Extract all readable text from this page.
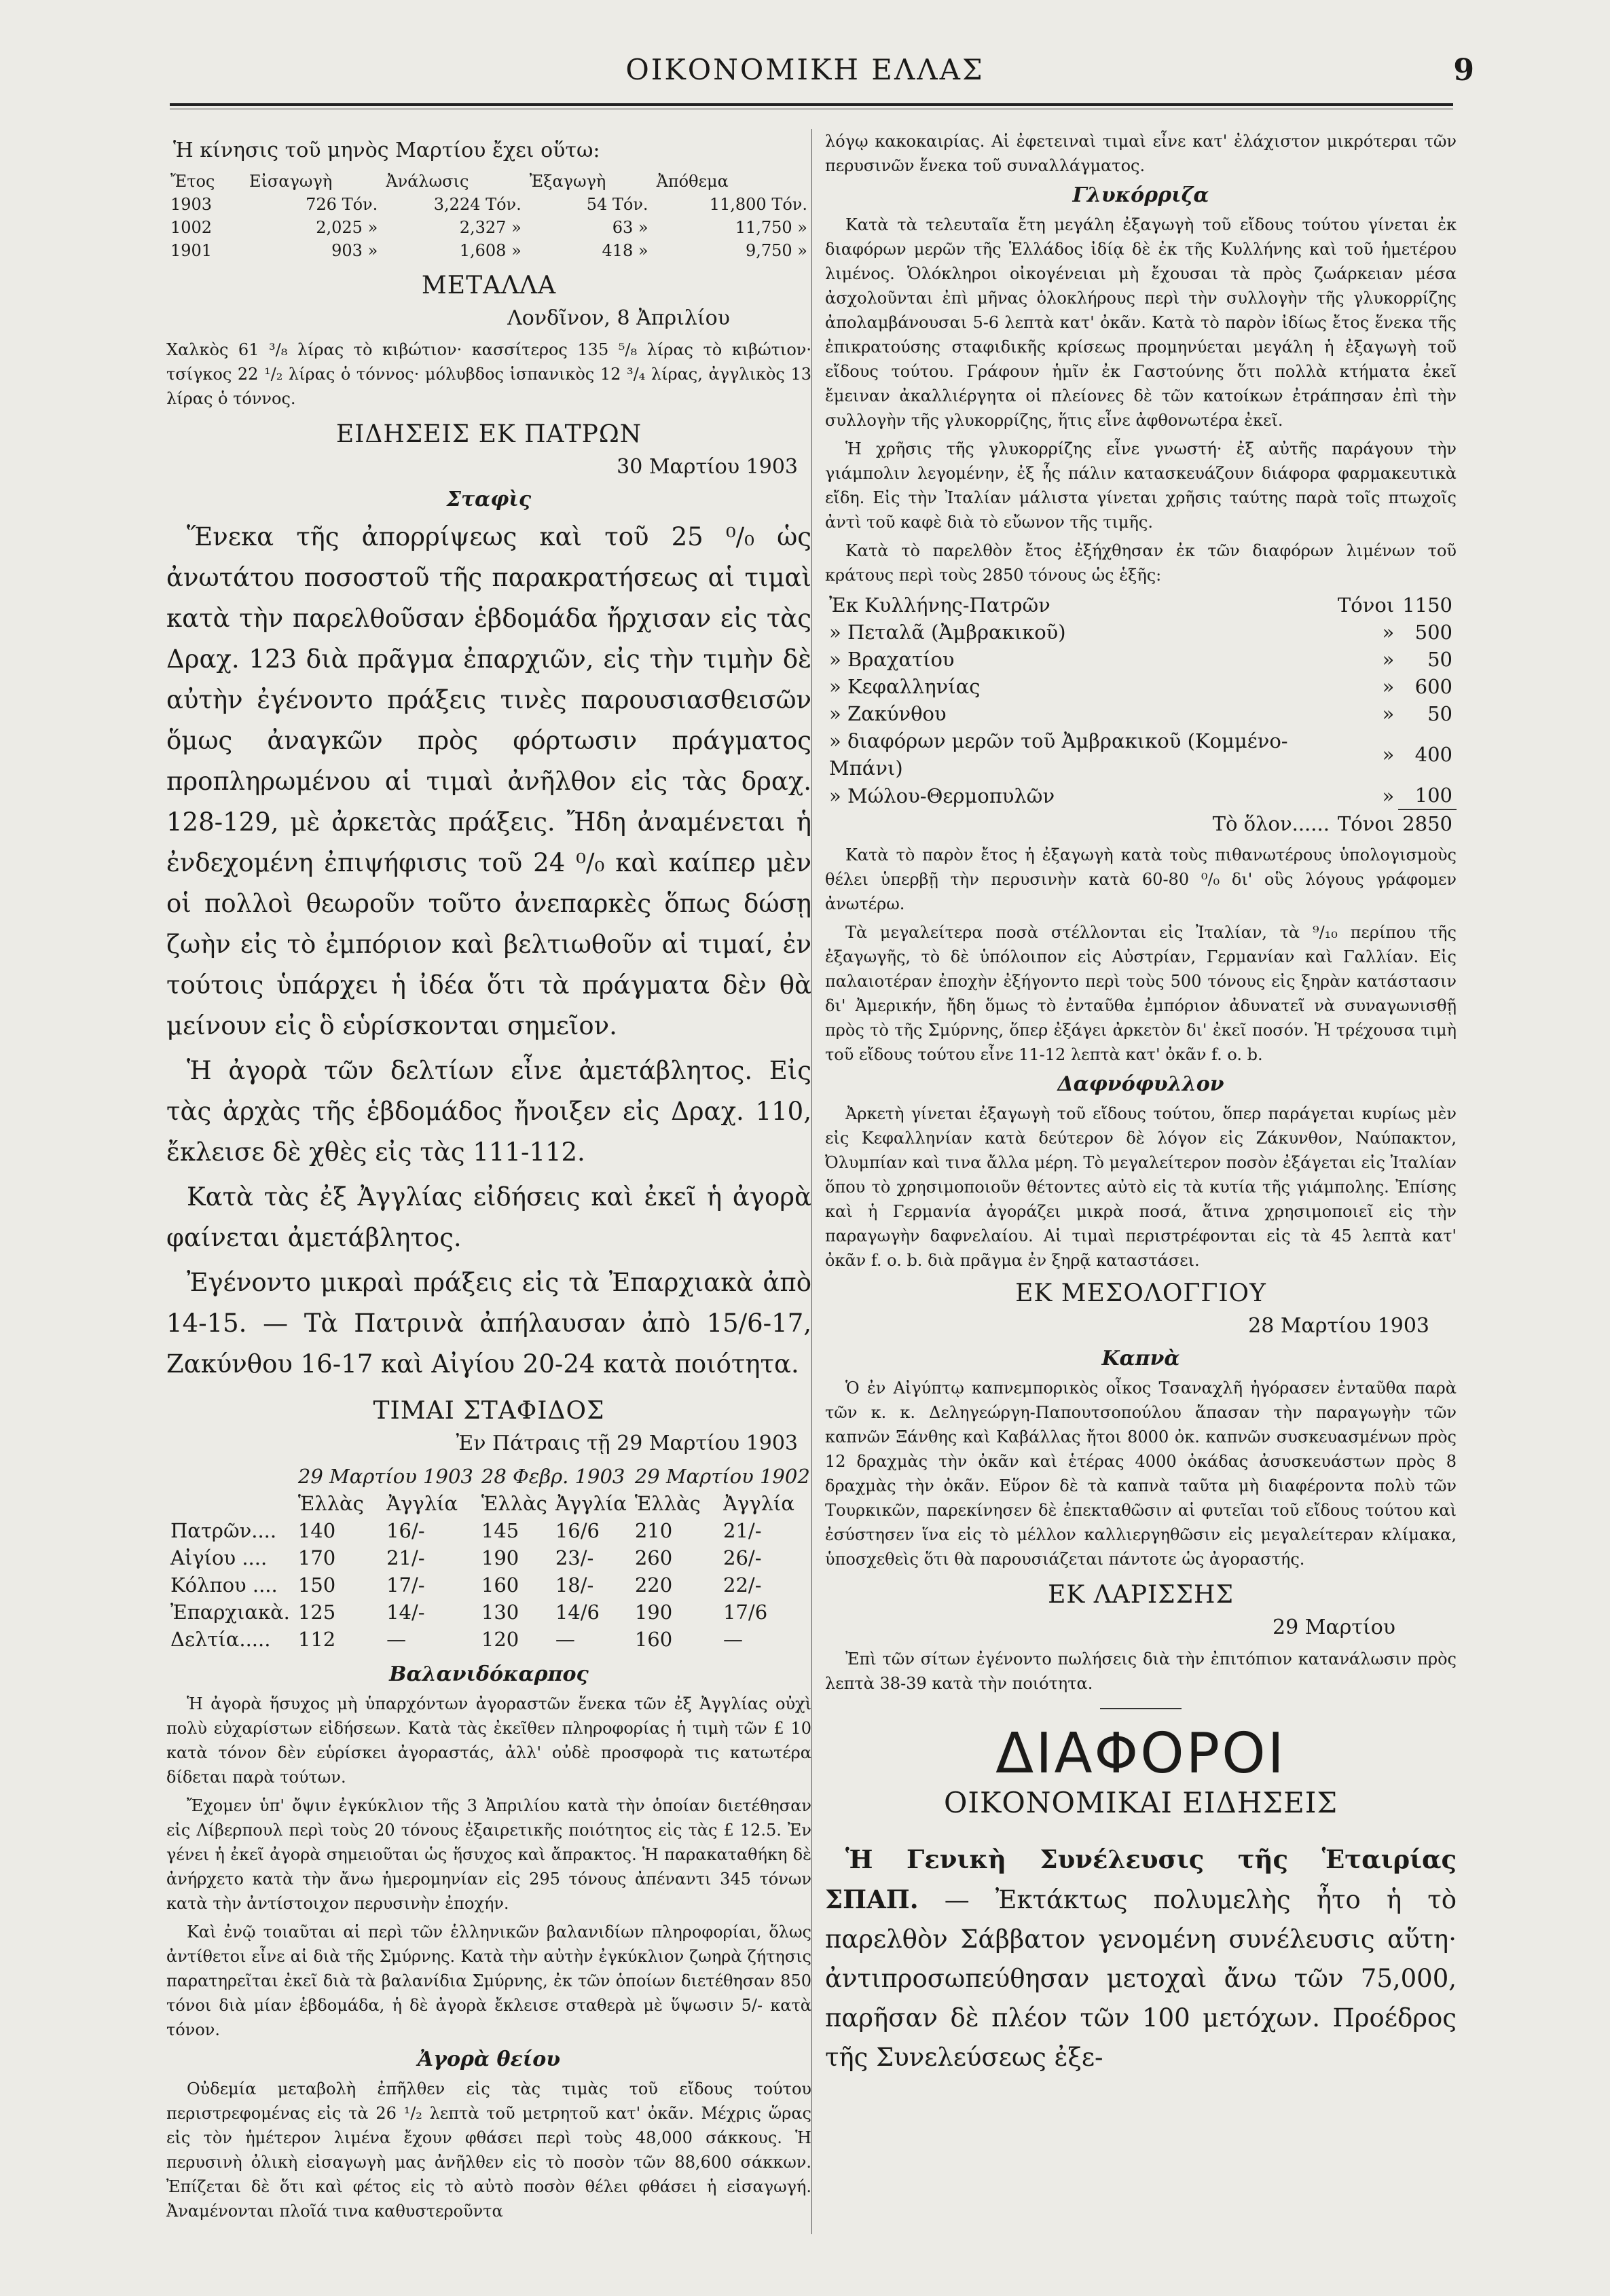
ΟΙΚΟΝΟΜΙΚΗ ΕΛΛΑΣ	9

Ἡ κίνησις τοῦ μηνὸς Μαρτίου ἔχει οὕτω:

Ἔτος	Εἰσαγωγὴ	Ἀνάλωσις	Ἐξαγωγὴ	Ἀπόθεμα
1903	726 Τόν.	3,224 Τόν.	54 Τόν.	11,800 Τόν.
1002	2,025 »	2,327 »	63 »	11,750 »
1901	903 »	1,608 »	418 »	9,750 »
ΜΕΤΑΛΛΑ

Λονδῖνον, 8 Ἀπριλίου

Χαλκὸς 61 ³/₈ λίρας τὸ κιβώτιον· κασσίτερος 135 ⁵/₈ λίρας τὸ κιβώτιον· τσίγκος 22 ¹/₂ λίρας ὁ τόννος· μόλυβδος ἱσπανικὸς 12 ³/₄ λίρας, ἀγγλικὸς 13 λίρας ὁ τόννος.

ΕΙΔΗΣΕΙΣ ΕΚ ΠΑΤΡΩΝ

30 Μαρτίου 1903

Σταφὶς

Ἕνεκα τῆς ἀπορρίψεως καὶ τοῦ 25 ⁰/₀ ὡς ἀνωτάτου ποσοστοῦ τῆς παρακρατήσεως αἱ τιμαὶ κατὰ τὴν παρελθοῦσαν ἑβδομάδα ἤρχισαν εἰς τὰς Δραχ. 123 διὰ πρᾶγμα ἐπαρχιῶν, εἰς τὴν τιμὴν δὲ αὐτὴν ἐγένοντο πράξεις τινὲς παρουσιασθεισῶν ὅμως ἀναγκῶν πρὸς φόρτωσιν πράγματος προπληρωμένου αἱ τιμαὶ ἀνῆλθον εἰς τὰς δραχ. 128-129, μὲ ἀρκετὰς πράξεις. Ἤδη ἀναμένεται ἡ ἐνδεχομένη ἐπιψήφισις τοῦ 24 ⁰/₀ καὶ καίπερ μὲν οἱ πολλοὶ θεωροῦν τοῦτο ἀνεπαρκὲς ὅπως δώσῃ ζωὴν εἰς τὸ ἐμπόριον καὶ βελτιωθοῦν αἱ τιμαί, ἐν τούτοις ὑπάρχει ἡ ἰδέα ὅτι τὰ πράγματα δὲν θὰ μείνουν εἰς ὃ εὑρίσκονται σημεῖον.

Ἡ ἀγορὰ τῶν δελτίων εἶνε ἀμετάβλητος. Εἰς τὰς ἀρχὰς τῆς ἑβδομάδος ἤνοιξεν εἰς Δραχ. 110, ἔκλεισε δὲ χθὲς εἰς τὰς 111-112.

Κατὰ τὰς ἐξ Ἀγγλίας εἰδήσεις καὶ ἐκεῖ ἡ ἀγορὰ φαίνεται ἀμετάβλητος.

Ἐγένοντο μικραὶ πράξεις εἰς τὰ Ἐπαρχιακὰ ἀπὸ 14-15. — Τὰ Πατρινὰ ἀπήλαυσαν ἀπὸ 15/6-17, Ζακύνθου 16-17 καὶ Αἰγίου 20-24 κατὰ ποιότητα.

ΤΙΜΑΙ ΣΤΑΦΙΔΟΣ

Ἐν Πάτραις τῇ 29 Μαρτίου 1903

	29 Μαρτίου 1903		28 Φεβρ. 1903		29 Μαρτίου 1902	
	Ἑλλὰς	Ἀγγλία	Ἑλλὰς	Ἀγγλία	Ἑλλὰς	Ἀγγλία
Πατρῶν....	140	16/-	145	16/6	210	21/-
Αἰγίου ....	170	21/-	190	23/-	260	26/-
Κόλπου ....	150	17/-	160	18/-	220	22/-
Ἐπαρχιακὰ.	125	14/-	130	14/6	190	17/6
Δελτία.....	112	—	120	—	160	—
Βαλανιδόκαρπος

Ἡ ἀγορὰ ἥσυχος μὴ ὑπαρχόντων ἀγοραστῶν ἕνεκα τῶν ἐξ Ἀγγλίας οὐχὶ πολὺ εὐχαρίστων εἰδήσεων. Κατὰ τὰς ἐκεῖθεν πληροφορίας ἡ τιμὴ τῶν £ 10 κατὰ τόνον δὲν εὑρίσκει ἀγοραστάς, ἀλλ' οὐδὲ προσφορὰ τις κατωτέρα δίδεται παρὰ τούτων.

Ἔχομεν ὑπ' ὄψιν ἐγκύκλιον τῆς 3 Ἀπριλίου κατὰ τὴν ὁποίαν διετέθησαν εἰς Λίβερπουλ περὶ τοὺς 20 τόνους ἐξαιρετικῆς ποιότητος εἰς τὰς £ 12.5. Ἐν γένει ἡ ἐκεῖ ἀγορὰ σημειοῦται ὡς ἥσυχος καὶ ἄπρακτος. Ἡ παρακαταθήκη δὲ ἀνήρχετο κατὰ τὴν ἄνω ἡμερομηνίαν εἰς 295 τόνους ἀπέναντι 345 τόνων κατὰ τὴν ἀντίστοιχον περυσινὴν ἐποχήν.

Καὶ ἐνῷ τοιαῦται αἱ περὶ τῶν ἑλληνικῶν βαλανιδίων πληροφορίαι, ὅλως ἀντίθετοι εἶνε αἱ διὰ τῆς Σμύρνης. Κατὰ τὴν αὐτὴν ἐγκύκλιον ζωηρὰ ζήτησις παρατηρεῖται ἐκεῖ διὰ τὰ βαλανίδια Σμύρνης, ἐκ τῶν ὁποίων διετέθησαν 850 τόνοι διὰ μίαν ἑβδομάδα, ἡ δὲ ἀγορὰ ἔκλεισε σταθερὰ μὲ ὕψωσιν 5/- κατὰ τόνον.

Ἀγορὰ θείου

Οὐδεμία μεταβολὴ ἐπῆλθεν εἰς τὰς τιμὰς τοῦ εἴδους τούτου περιστρεφομένας εἰς τὰ 26 ¹/₂ λεπτὰ τοῦ μετρητοῦ κατ' ὀκᾶν. Μέχρις ὥρας εἰς τὸν ἡμέτερον λιμένα ἔχουν φθάσει περὶ τοὺς 48,000 σάκκους. Ἡ περυσινὴ ὀλικὴ εἰσαγωγὴ μας ἀνῆλθεν εἰς τὸ ποσὸν τῶν 88,600 σάκκων. Ἐπίζεται δὲ ὅτι καὶ φέτος εἰς τὸ αὐτὸ ποσὸν θέλει φθάσει ἡ εἰσαγωγή. Ἀναμένονται πλοῖά τινα καθυστεροῦντα

λόγῳ κακοκαιρίας. Αἱ ἐφετειναὶ τιμαὶ εἶνε κατ' ἐλάχιστον μικρότεραι τῶν περυσινῶν ἕνεκα τοῦ συναλλάγματος.

Γλυκόρριζα

Κατὰ τὰ τελευταῖα ἔτη μεγάλη ἐξαγωγὴ τοῦ εἴδους τούτου γίνεται ἐκ διαφόρων μερῶν τῆς Ἑλλάδος ἰδίᾳ δὲ ἐκ τῆς Κυλλήνης καὶ τοῦ ἡμετέρου λιμένος. Ὁλόκληροι οἰκογένειαι μὴ ἔχουσαι τὰ πρὸς ζωάρκειαν μέσα ἀσχολοῦνται ἐπὶ μῆνας ὁλοκλήρους περὶ τὴν συλλογὴν τῆς γλυκορρίζης ἀπολαμβάνουσαι 5-6 λεπτὰ κατ' ὀκᾶν. Κατὰ τὸ παρὸν ἰδίως ἔτος ἕνεκα τῆς ἐπικρατούσης σταφιδικῆς κρίσεως προμηνύεται μεγάλη ἡ ἐξαγωγὴ τοῦ εἴδους τούτου. Γράφουν ἡμῖν ἐκ Γαστούνης ὅτι πολλὰ κτήματα ἐκεῖ ἔμειναν ἀκαλλιέργητα οἱ πλείονες δὲ τῶν κατοίκων ἐτράπησαν ἐπὶ τὴν συλλογὴν τῆς γλυκορρίζης, ἥτις εἶνε ἀφθονωτέρα ἐκεῖ.

Ἡ χρῆσις τῆς γλυκορρίζης εἶνε γνωστή· ἐξ αὐτῆς παράγουν τὴν γιάμπολιν λεγομένην, ἐξ ἧς πάλιν κατασκευάζουν διάφορα φαρμακευτικὰ εἴδη. Εἰς τὴν Ἰταλίαν μάλιστα γίνεται χρῆσις ταύτης παρὰ τοῖς πτωχοῖς ἀντὶ τοῦ καφὲ διὰ τὸ εὔωνον τῆς τιμῆς.

Κατὰ τὸ παρελθὸν ἔτος ἐξήχθησαν ἐκ τῶν διαφόρων λιμένων τοῦ κράτους περὶ τοὺς 2850 τόνους ὡς ἑξῆς:

Ἐκ Κυλλήνης-Πατρῶν	Τόνοι	1150
» Πεταλᾶ (Ἀμβρακικοῦ)	»	500
» Βραχατίου	»	50
» Κεφαλληνίας	»	600
» Ζακύνθου	»	50
» διαφόρων μερῶν τοῦ Ἀμβρακικοῦ (Κομμένο-Μπάνι)	»	400
» Μώλου-Θερμοπυλῶν	»	100
Τὸ ὅλον......	Τόνοι	2850

Κατὰ τὸ παρὸν ἔτος ἡ ἐξαγωγὴ κατὰ τοὺς πιθανωτέρους ὑπολογισμοὺς θέλει ὑπερβῇ τὴν περυσινὴν κατὰ 60-80 ⁰/₀ δι' οὓς λόγους γράφομεν ἀνωτέρω.

Τὰ μεγαλείτερα ποσὰ στέλλονται εἰς Ἰταλίαν, τὰ ⁹/₁₀ περίπου τῆς ἐξαγωγῆς, τὸ δὲ ὑπόλοιπον εἰς Αὐστρίαν, Γερμανίαν καὶ Γαλλίαν. Εἰς παλαιοτέραν ἐποχὴν ἐξήγοντο περὶ τοὺς 500 τόνους εἰς ξηρὰν κατάστασιν δι' Ἀμερικήν, ἤδη ὅμως τὸ ἐνταῦθα ἐμπόριον ἀδυνατεῖ νὰ συναγωνισθῇ πρὸς τὸ τῆς Σμύρνης, ὅπερ ἐξάγει ἀρκετὸν δι' ἐκεῖ ποσόν. Ἡ τρέχουσα τιμὴ τοῦ εἴδους τούτου εἶνε 11-12 λεπτὰ κατ' ὀκᾶν f. o. b.

Δαφνόφυλλον

Ἀρκετὴ γίνεται ἐξαγωγὴ τοῦ εἴδους τούτου, ὅπερ παράγεται κυρίως μὲν εἰς Κεφαλληνίαν κατὰ δεύτερον δὲ λόγον εἰς Ζάκυνθον, Ναύπακτον, Ὀλυμπίαν καὶ τινα ἄλλα μέρη. Τὸ μεγαλείτερον ποσὸν ἐξάγεται εἰς Ἰταλίαν ὅπου τὸ χρησιμοποιοῦν θέτοντες αὐτὸ εἰς τὰ κυτία τῆς γιάμπολης. Ἐπίσης καὶ ἡ Γερμανία ἀγοράζει μικρὰ ποσά, ἅτινα χρησιμοποιεῖ εἰς τὴν παραγωγὴν δαφνελαίου. Αἱ τιμαὶ περιστρέφονται εἰς τὰ 45 λεπτὰ κατ' ὀκᾶν f. o. b. διὰ πρᾶγμα ἐν ξηρᾷ καταστάσει.

ΕΚ ΜΕΣΟΛΟΓΓΙΟΥ

28 Μαρτίου 1903

Καπνὰ

Ὁ ἐν Αἰγύπτῳ καπνεμπορικὸς οἶκος Τσαναχλῆ ἠγόρασεν ἐνταῦθα παρὰ τῶν κ. κ. Δεληγεώργη-Παπουτσοπούλου ἅπασαν τὴν παραγωγὴν τῶν καπνῶν Ξάνθης καὶ Καβάλλας ἤτοι 8000 ὀκ. καπνῶν συσκευασμένων πρὸς 12 δραχμὰς τὴν ὀκᾶν καὶ ἑτέρας 4000 ὀκάδας ἀσυσκευάστων πρὸς 8 δραχμὰς τὴν ὀκᾶν. Εὕρον δὲ τὰ καπνὰ ταῦτα μὴ διαφέροντα πολὺ τῶν Τουρκικῶν, παρεκίνησεν δὲ ἐπεκταθῶσιν αἱ φυτεῖαι τοῦ εἴδους τούτου καὶ ἐσύστησεν ἵνα εἰς τὸ μέλλον καλλιεργηθῶσιν εἰς μεγαλείτεραν κλίμακα, ὑποσχεθεὶς ὅτι θὰ παρουσιάζεται πάντοτε ὡς ἀγοραστής.

ΕΚ ΛΑΡΙΣΣΗΣ

29 Μαρτίου

Ἐπὶ τῶν σίτων ἐγένοντο πωλήσεις διὰ τὴν ἐπιτόπιον κατανάλωσιν πρὸς λεπτὰ 38-39 κατὰ τὴν ποιότητα.

ΔΙΑΦΟΡΟΙ
ΟΙΚΟΝΟΜΙΚΑΙ ΕΙΔΗΣΕΙΣ

Ἡ Γενικὴ Συνέλευσις τῆς Ἑταιρίας ΣΠΑΠ. — Ἐκτάκτως πολυμελὴς ἦτο ἡ τὸ παρελθὸν Σάββατον γενομένη συνέλευσις αὕτη· ἀντιπροσωπεύθησαν μετοχαὶ ἄνω τῶν 75,000, παρῆσαν δὲ πλέον τῶν 100 μετόχων. Προέδρος τῆς Συνελεύσεως ἐξε-
